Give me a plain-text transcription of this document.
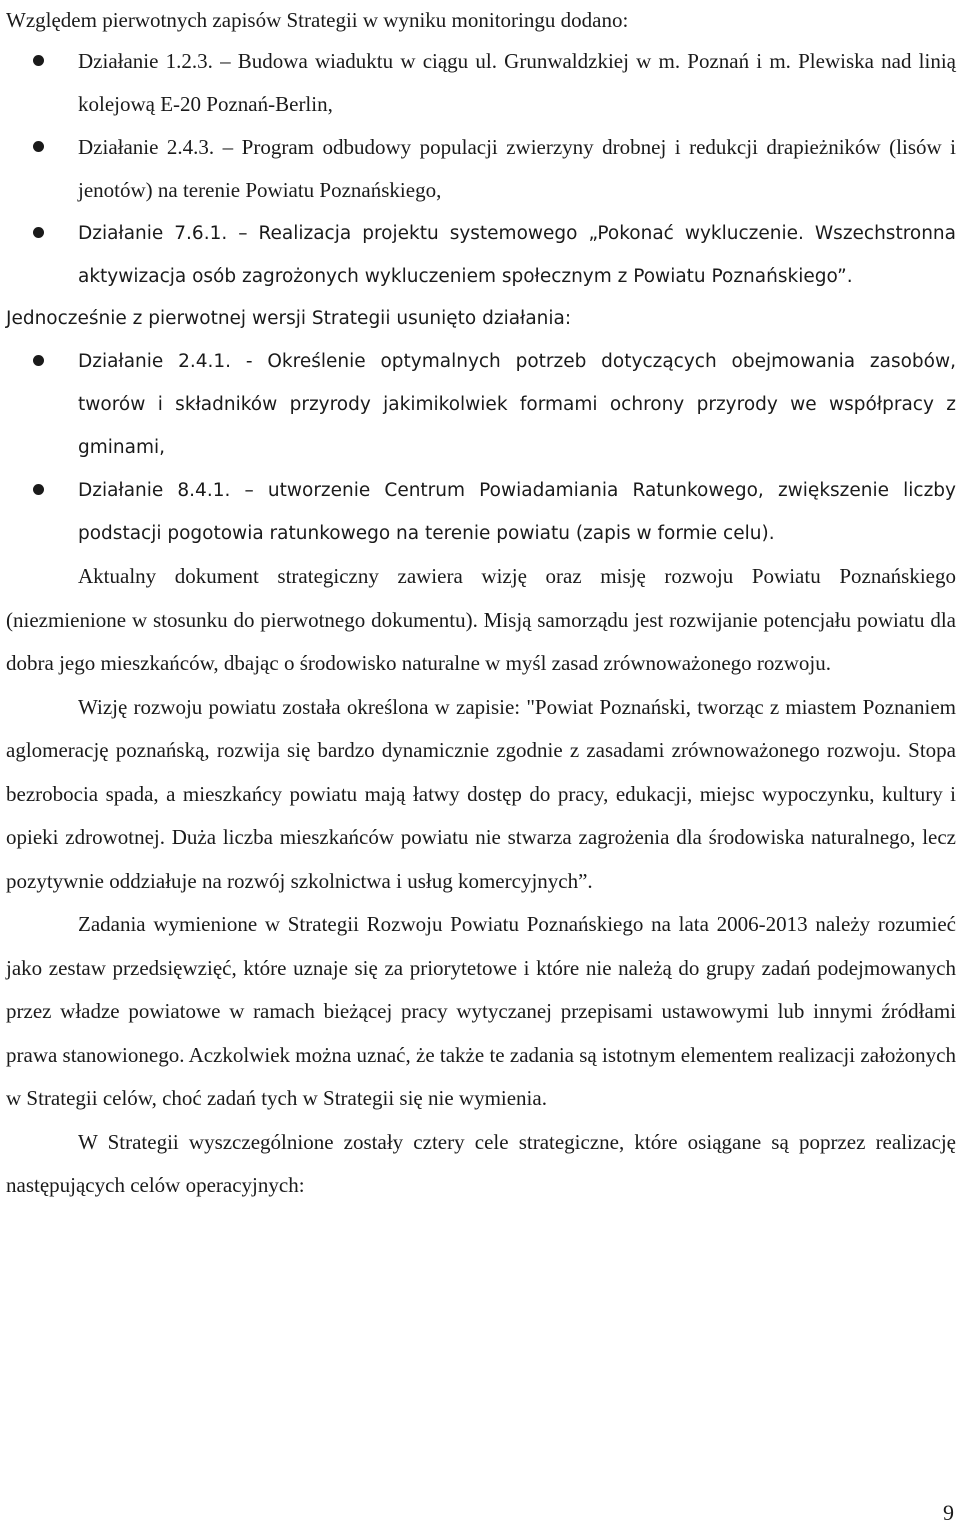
Względem pierwotnych zapisów Strategii w wyniku monitoringu dodano:

Działanie 1.2.3. – Budowa wiaduktu w ciągu ul. Grunwaldzkiej w m. Poznań i m. Plewiska nad linią kolejową E-20 Poznań-Berlin,
Działanie 2.4.3. – Program odbudowy populacji zwierzyny drobnej i redukcji drapieżników (lisów i jenotów) na terenie Powiatu Poznańskiego,
Działanie 7.6.1. – Realizacja projektu systemowego „Pokonać wykluczenie. Wszechstronna aktywizacja osób zagrożonych wykluczeniem społecznym z Powiatu Poznańskiego”.

Jednocześnie z pierwotnej wersji Strategii usunięto działania:

Działanie 2.4.1. - Określenie optymalnych potrzeb dotyczących obejmowania zasobów, tworów i składników przyrody jakimikolwiek formami ochrony przyrody we współpracy z gminami,
Działanie 8.4.1. – utworzenie Centrum Powiadamiania Ratunkowego, zwiększenie liczby podstacji pogotowia ratunkowego na terenie powiatu (zapis w formie celu).

Aktualny dokument strategiczny zawiera wizję oraz misję rozwoju Powiatu Poznańskiego (niezmienione w stosunku do pierwotnego dokumentu). Misją samorządu jest rozwijanie potencjału powiatu dla dobra jego mieszkańców, dbając o środowisko naturalne w myśl zasad zrównoważonego rozwoju.

Wizję rozwoju powiatu została określona w zapisie: "Powiat Poznański, tworząc z miastem Poznaniem aglomerację poznańską, rozwija się bardzo dynamicznie zgodnie z zasadami zrównoważonego rozwoju. Stopa bezrobocia spada, a mieszkańcy powiatu mają łatwy dostęp do pracy, edukacji, miejsc wypoczynku, kultury i opieki zdrowotnej. Duża liczba mieszkańców powiatu nie stwarza zagrożenia dla środowiska naturalnego, lecz pozytywnie oddziałuje na rozwój szkolnictwa i usług komercyjnych”.

Zadania wymienione w Strategii Rozwoju Powiatu Poznańskiego na lata 2006-2013 należy rozumieć jako zestaw przedsięwzięć, które uznaje się za priorytetowe i które nie należą do grupy zadań podejmowanych przez władze powiatowe w ramach bieżącej pracy wytyczanej przepisami ustawowymi lub innymi źródłami prawa stanowionego. Aczkolwiek można uznać, że także te zadania są istotnym elementem realizacji założonych w Strategii celów, choć zadań tych w Strategii się nie wymienia.

W Strategii wyszczególnione zostały cztery cele strategiczne, które osiągane są poprzez realizację następujących celów operacyjnych:

9
